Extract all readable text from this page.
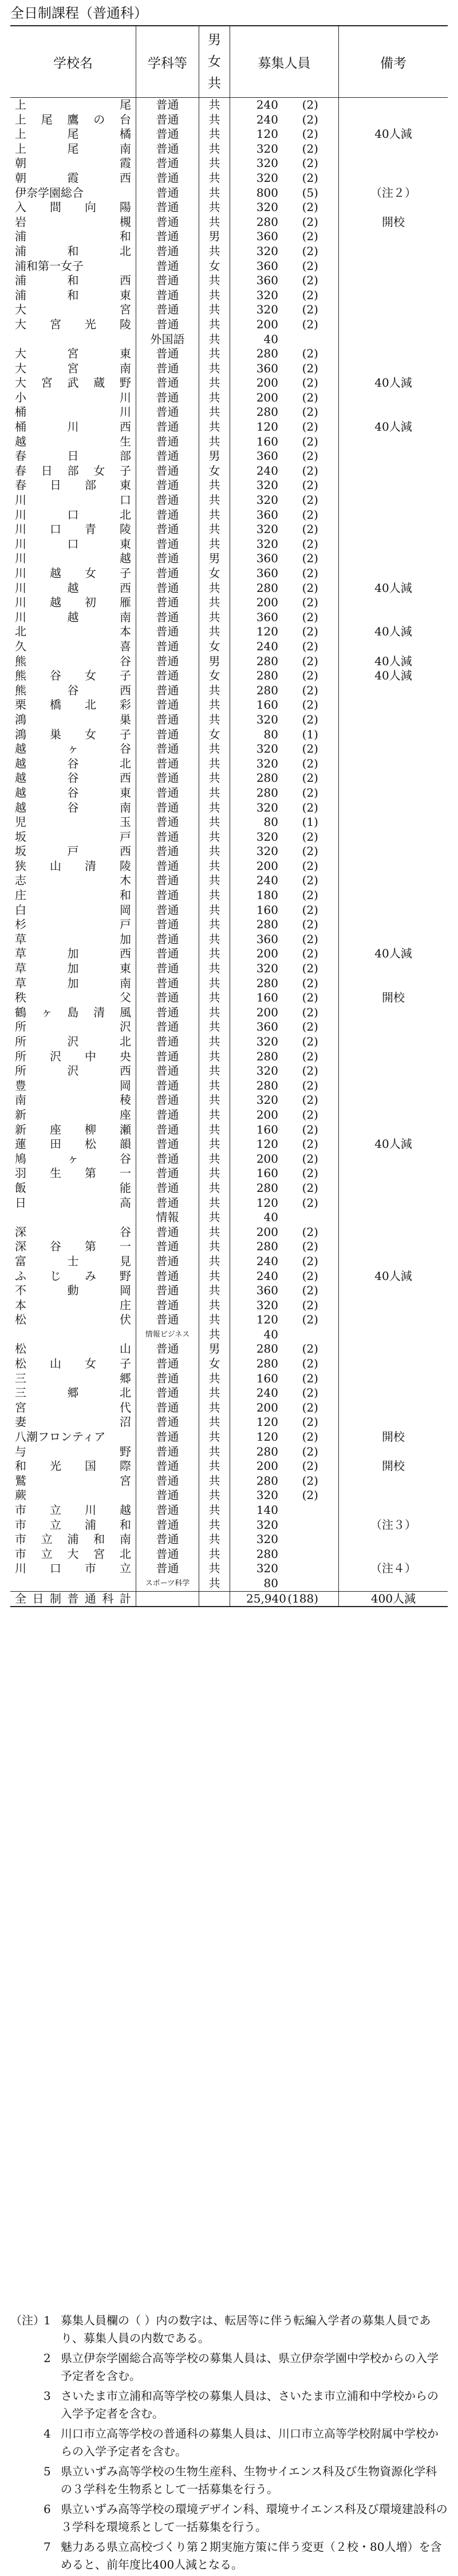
全日制課程（普通科）
学校名	学科等
男
女
共
募集人員	備考
上	尾	普通	共	240 (2)
上 尾 鷹 の 台	普通	共	240 (2)
上	尾	橘	普通	共	120 (2)	40人減
上	尾	南	普通	共	320 (2)
朝	霞	普通	共	320 (2)
朝	霞	西	普通	共	320 (2)
伊奈学園総合	普通	共	800 (5)	（注２）
入 間 向 陽	普通	共	320 (2)
岩	槻	普通	共	280 (2)	開校
浦	和	普通	男	360 (2)
浦	和	北	普通	共	320 (2)
浦和第一女子	普通	女	360 (2)
浦	和	西	普通	共	360 (2)
浦	和	東	普通	共	320 (2)
大	宮	普通	共	320 (2)
大 宮 光 陵	普通	共	200 (2)
外国語	共	40
大	宮	東	普通	共	280 (2)
大	宮	南	普通	共	360 (2)
大 宮 武 蔵 野	普通	共	200 (2)	40人減
小	川	普通	共	200 (2)
桶	川	普通	共	280 (2)
桶	川	西	普通	共	120 (2)	40人減
越	生	普通	共	160 (2)
春	日	部	普通	男	360 (2)
春 日 部 女 子	普通	女	240 (2)
春 日 部 東	普通	共	320 (2)
川	口	普通	共	320 (2)
川	口	北	普通	共	360 (2)
川 口 青 陵	普通	共	320 (2)
川	口	東	普通	共	320 (2)
川	越	普通	男	360 (2)
川 越 女 子	普通	女	360 (2)
川	越	西	普通	共	280 (2)	40人減
川 越 初 雁	普通	共	200 (2)
川	越	南	普通	共	360 (2)
北	本	普通	共	120 (2)	40人減
久	喜	普通	女	240 (2)
熊	谷	普通	男	280 (2)	40人減
熊 谷 女 子	普通	女	280 (2)	40人減
熊	谷	西	普通	共	280 (2)
栗 橋 北 彩	普通	共	160 (2)
鴻	巣	普通	共	320 (2)
鴻 巣 女 子	普通	女	80 (1)
越	ヶ	谷	普通	共	320 (2)
越	谷	北	普通	共	320 (2)
越	谷	西	普通	共	280 (2)
越	谷	東	普通	共	280 (2)
越	谷	南	普通	共	320 (2)
児	玉	普通	共	80 (1)
坂	戸	普通	共	320 (2)
坂	戸	西	普通	共	320 (2)
狭 山 清 陵	普通	共	200 (2)
志	木	普通	共	240 (2)
庄	和	普通	共	180 (2)
白	岡	普通	共	160 (2)
杉	戸	普通	共	280 (2)
草	加	普通	共	360 (2)
草	加	西	普通	共	200 (2)	40人減
草	加	東	普通	共	320 (2)
草	加	南	普通	共	280 (2)
秩	父	普通	共	160 (2)	開校
鶴 ヶ 島 清 風	普通	共	200 (2)
所	沢	普通	共	360 (2)
所	沢	北	普通	共	320 (2)
所 沢 中 央	普通	共	280 (2)
所	沢	西	普通	共	320 (2)
豊	岡	普通	共	280 (2)
南	稜	普通	共	320 (2)
新	座	普通	共	200 (2)
新 座 柳 瀬	普通	共	160 (2)
蓮 田 松 韻	普通	共	120 (2)	40人減
鳩	ヶ	谷	普通	共	200 (2)
羽 生 第 一	普通	共	160 (2)
飯	能	普通	共	280 (2)
日	高	普通	共	120 (2)
情報	共	40
深	谷	普通	共	200 (2)
深 谷 第 一	普通	共	280 (2)
富	士	見	普通	共	240 (2)
ふ じ み 野	普通	共	240 (2)	40人減
不	動	岡	普通	共	360 (2)
本	庄	普通	共	320 (2)
松	伏	普通	共	120 (2)
情報ビジネス	共	40
松	山	普通	男	280 (2)
松 山 女 子	普通	女	280 (2)
三	郷	普通	共	160 (2)
三	郷	北	普通	共	240 (2)
宮	代	普通	共	200 (2)
妻	沼	普通	共	120 (2)
八潮フロンティア	普通	共	120 (2)	開校
与	野	普通	共	280 (2)
和 光 国 際	普通	共	200 (2)	開校
鷲	宮	普通	共	280 (2)
蕨	普通	共	320 (2)
市 立 川 越	普通	共	140
市 立 浦 和	普通	共	320	（注３）
市 立 浦 和 南	普通	共	320
市 立 大 宮 北	普通	共	280
川 口 市 立	普通	共	320	（注４）
スポーツ科学	共	80
全 日 制 普 通 科 計	25,940 (188)	400人減
（注）
1 募集人員欄の（ ）内の数字は、転居等に伴う転編入学者の募集人員であり、募集人員の内数である。
2 県立伊奈学園総合高等学校の募集人員は、県立伊奈学園中学校からの入学予定者を含む。
3 さいたま市立浦和高等学校の募集人員は、さいたま市立浦和中学校からの入学予定者を含む。
4 川口市立高等学校の普通科の募集人員は、川口市立高等学校附属中学校からの入学予定者を含む。
5 県立いずみ高等学校の生物生産科、生物サイエンス科及び生物資源化学科の３学科を生物系として一括募集を行う。
6 県立いずみ高等学校の環境デザイン科、環境サイエンス科及び環境建設科の３学科を環境系として一括募集を行う。
7 魅力ある県立高校づくり第２期実施方策に伴う変更（２校・80人増）を含めると、前年度比400人減となる。
